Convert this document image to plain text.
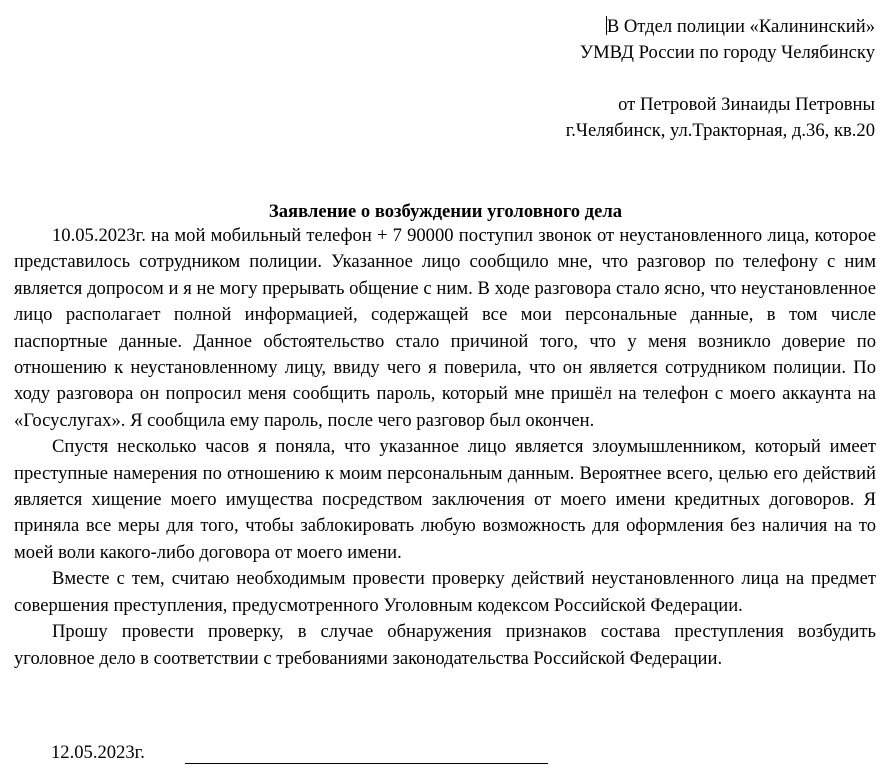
В Отдел полиции «Калининский»
УМВД России по городу Челябинску
от Петровой Зинаиды Петровны
г.Челябинск, ул.Тракторная, д.36, кв.20
Заявление о возбуждении уголовного дела

10.05.2023г. на мой мобильный телефон + 7 90000 поступил звонок от неустановленного лица, которое представилось сотрудником полиции. Указанное лицо сообщило мне, что разговор по телефону с ним является допросом и я не могу прерывать общение с ним. В ходе разговора стало ясно, что неустановленное лицо располагает полной информацией, содержащей все мои персональные данные, в том числе паспортные данные. Данное обстоятельство стало причиной того, что у меня возникло доверие по отношению к неустановленному лицу, ввиду чего я поверила, что он является сотрудником полиции. По ходу разговора он попросил меня сообщить пароль, который мне пришёл на телефон с моего аккаунта на «Госуслугах». Я сообщила ему пароль, после чего разговор был окончен.

Спустя несколько часов я поняла, что указанное лицо является злоумышленником, который имеет преступные намерения по отношению к моим персональным данным. Вероятнее всего, целью его действий является хищение моего имущества посредством заключения от моего имени кредитных договоров. Я приняла все меры для того, чтобы заблокировать любую возможность для оформления без наличия на то моей воли какого-либо договора от моего имени.

Вместе с тем, считаю необходимым провести проверку действий неустановленного лица на предмет совершения преступления, предусмотренного Уголовным кодексом Российской Федерации.

Прошу провести проверку, в случае обнаружения признаков состава преступления возбудить уголовное дело в соответствии с требованиями законодательства Российской Федерации.

12.05.2023г.
